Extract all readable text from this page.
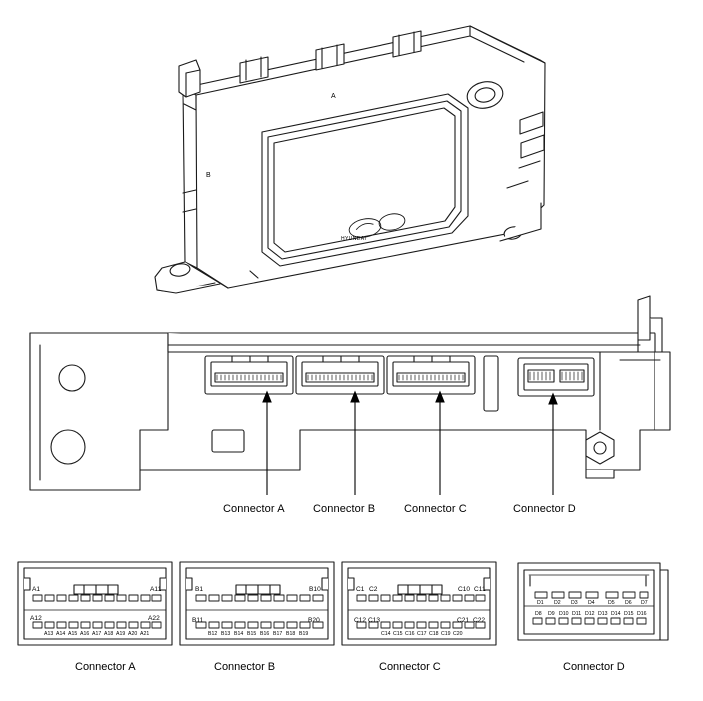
A
B
HYUNDAI
Connector A	Connector B	Connector C	Connector D
A1	A11
A12	A22
A13 A14 A15 A16 A17 A18 A19 A20 A21
B1	B10
B11	B20
B12 B13 B14 B15 B16 B17 B18 B19
C1 C2	C10 C11
C12 C13	C21 C22
C14 C15 C16 C17 C18 C19 C20
D1 D2 D3 D4	D5 D6 D7
D8 D9 D10 D11 D12 D13 D14 D15 D16
Connector A	Connector B	Connector C	Connector D
